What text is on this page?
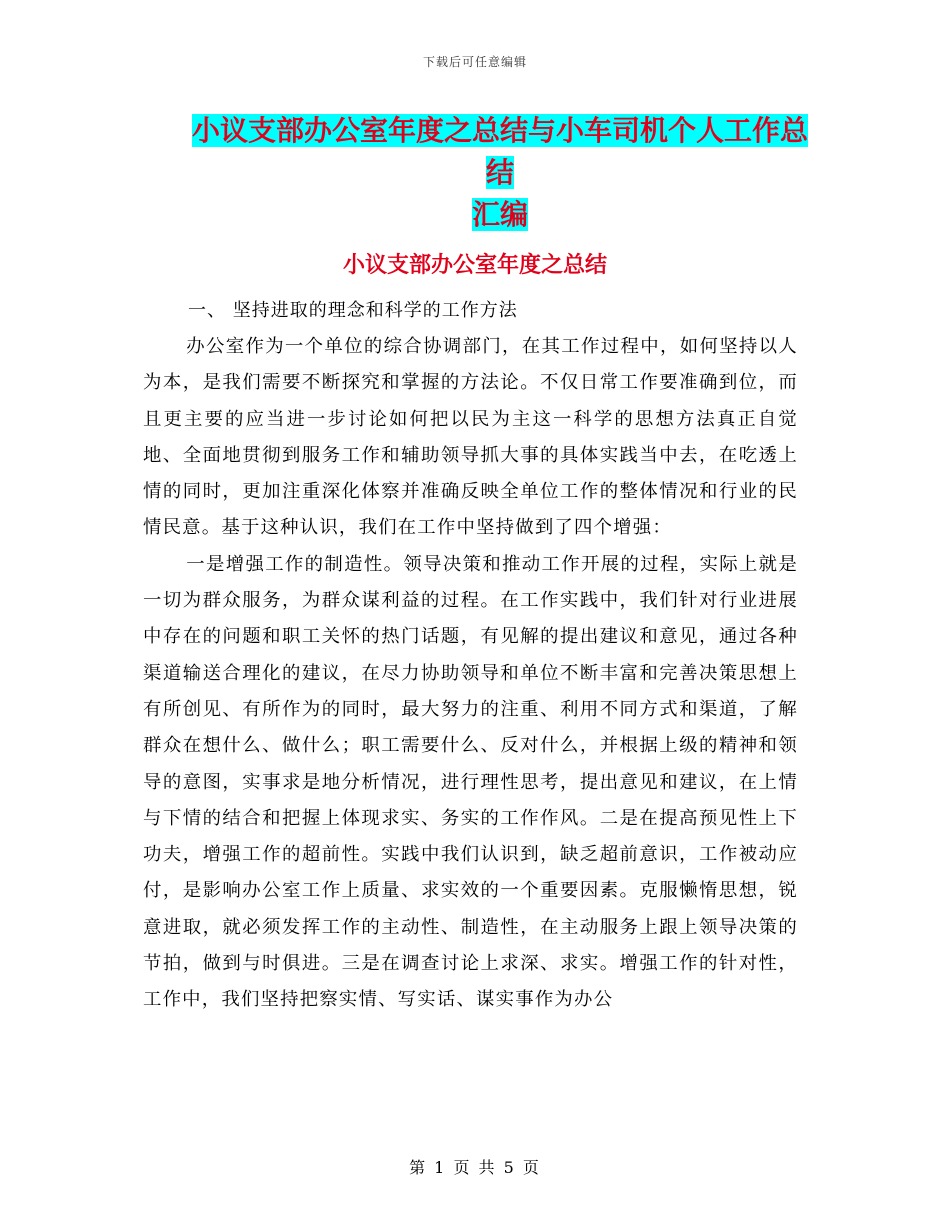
下载后可任意编辑
小议支部办公室年度之总结与小车司机个人工作总结
汇编
小议支部办公室年度之总结
一、 坚持进取的理念和科学的工作方法

办公室作为一个单位的综合协调部门，在其工作过程中，如何坚持以人为本，是我们需要不断探究和掌握的方法论。不仅日常工作要准确到位，而且更主要的应当进一步讨论如何把以民为主这一科学的思想方法真正自觉地、全面地贯彻到服务工作和辅助领导抓大事的具体实践当中去，在吃透上情的同时，更加注重深化体察并准确反映全单位工作的整体情况和行业的民情民意。基于这种认识，我们在工作中坚持做到了四个增强：

一是增强工作的制造性。领导决策和推动工作开展的过程，实际上就是一切为群众服务，为群众谋利益的过程。在工作实践中，我们针对行业进展中存在的问题和职工关怀的热门话题，有见解的提出建议和意见，通过各种渠道输送合理化的建议，在尽力协助领导和单位不断丰富和完善决策思想上有所创见、有所作为的同时，最大努力的注重、利用不同方式和渠道，了解群众在想什么、做什么；职工需要什么、反对什么，并根据上级的精神和领导的意图，实事求是地分析情况，进行理性思考，提出意见和建议，在上情与下情的结合和把握上体现求实、务实的工作作风。二是在提高预见性上下功夫，增强工作的超前性。实践中我们认识到，缺乏超前意识，工作被动应付，是影响办公室工作上质量、求实效的一个重要因素。克服懒惰思想，锐意进取，就必须发挥工作的主动性、制造性，在主动服务上跟上领导决策的节拍，做到与时俱进。三是在调查讨论上求深、求实。增强工作的针对性，工作中，我们坚持把察实情、写实话、谋实事作为办公

第 1 页 共 5 页
